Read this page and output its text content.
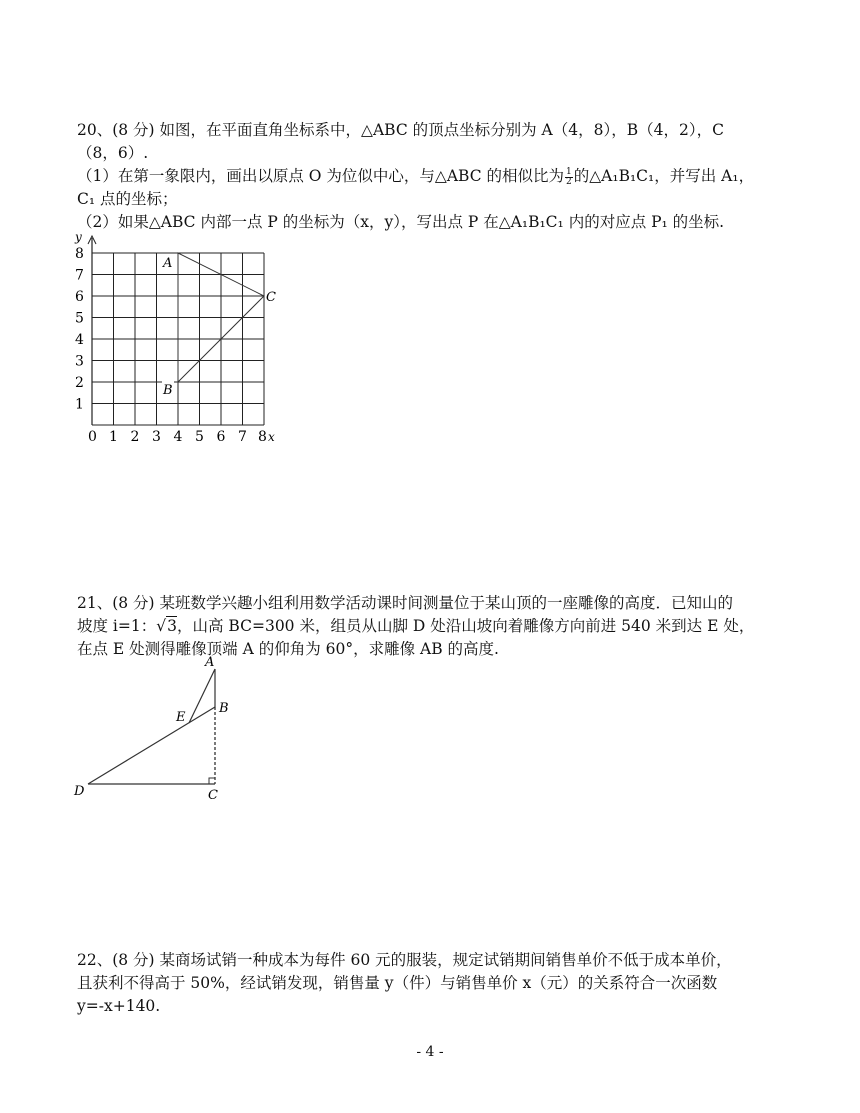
20、(8 分) 如图，在平面直角坐标系中，△ABC 的顶点坐标分别为 A（4，8），B（4，2），C
（8，6）.
（1）在第一象限内，画出以原点 O 为位似中心，与△ABC 的相似比为 $\frac{1}{2}$ 的△A₁B₁C₁，并写出 A₁，
C₁ 点的坐标；
（2）如果△ABC 内部一点 P 的坐标为（x，y），写出点 P 在△A₁B₁C₁ 内的对应点 P₁ 的坐标.
y
A
B
C
8
7
6
5
4
3
2
1
0 1 2 3 4 5 6 7 8 x
21、(8 分) 某班数学兴趣小组利用数学活动课时间测量位于某山顶的一座雕像的高度．已知山的
坡度 i=1：√3，山高 BC=300 米，组员从山脚 D 处沿山坡向着雕像方向前进 540 米到达 E 处，
在点 E 处测得雕像顶端 A 的仰角为 60°，求雕像 AB 的高度.
A
B
E
D	C
22、(8 分) 某商场试销一种成本为每件 60 元的服装，规定试销期间销售单价不低于成本单价，
且获利不得高于 50%，经试销发现，销售量 y（件）与销售单价 x（元）的关系符合一次函数
y=-x+140.
- 4 -
